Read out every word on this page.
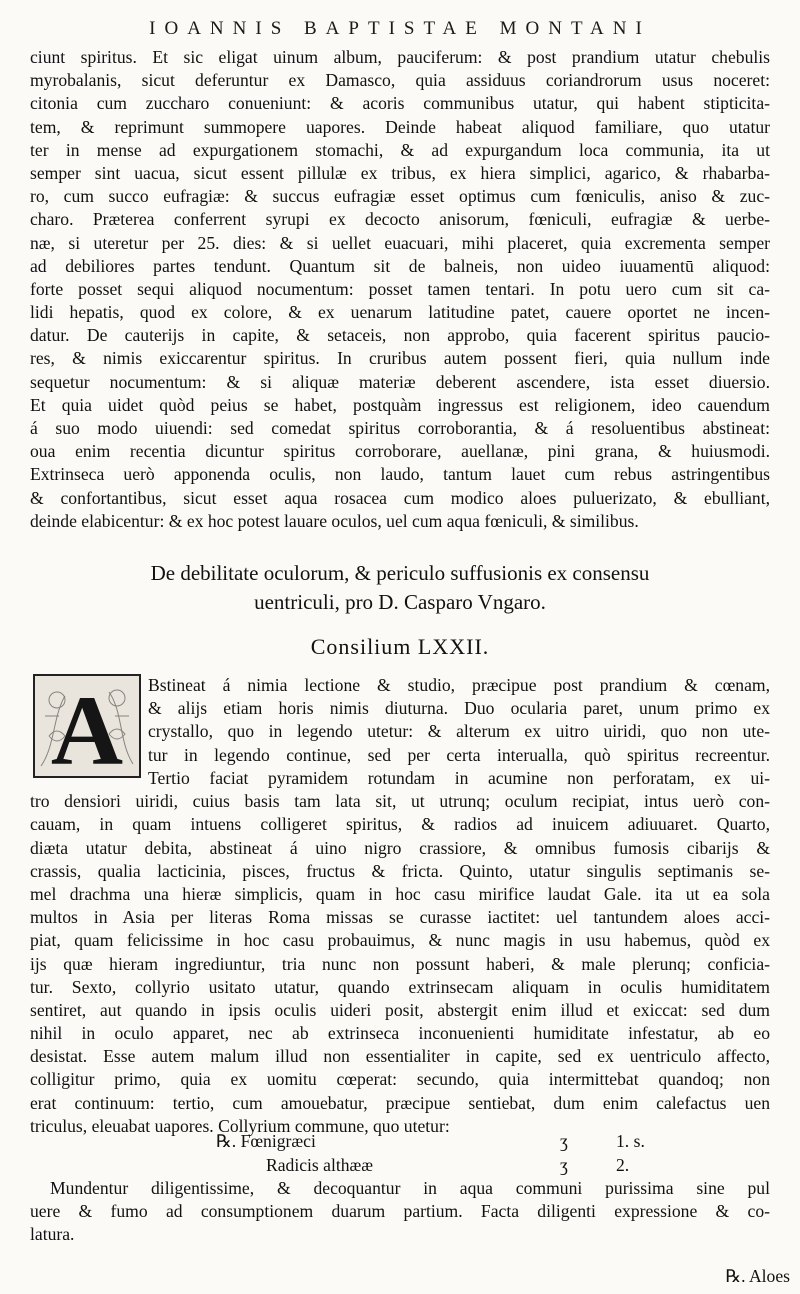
IOANNIS BAPTISTAE MONTANI
ciunt spiritus. Et sic eligat uinum album, pauciferum: & post prandium utatur chebulis
myrobalanis, sicut deferuntur ex Damasco, quia assiduus coriandrorum usus noceret:
citonia cum zuccharo conueniunt: & acoris communibus utatur, qui habent stipticita-
tem, & reprimunt summopere uapores. Deinde habeat aliquod familiare, quo utatur
ter in mense ad expurgationem stomachi, & ad expurgandum loca communia, ita ut
semper sint uacua, sicut essent pillulæ ex tribus, ex hiera simplici, agarico, & rhabarba-
ro, cum succo eufragiæ: & succus eufragiæ esset optimus cum fœniculis, aniso & zuc-
charo. Præterea conferrent syrupi ex decocto anisorum, fœniculi, eufragiæ & uerbe-
næ, si uteretur per 25. dies: & si uellet euacuari, mihi placeret, quia excrementa semper
ad debiliores partes tendunt. Quantum sit de balneis, non uideo iuuamentū aliquod:
forte posset sequi aliquod nocumentum: posset tamen tentari. In potu uero cum sit ca-
lidi hepatis, quod ex colore, & ex uenarum latitudine patet, cauere oportet ne incen-
datur. De cauterijs in capite, & setaceis, non approbo, quia facerent spiritus paucio-
res, & nimis exiccarentur spiritus. In cruribus autem possent fieri, quia nullum inde
sequetur nocumentum: & si aliquæ materiæ deberent ascendere, ista esset diuersio.
Et quia uidet quòd peius se habet, postquàm ingressus est religionem, ideo cauendum
á suo modo uiuendi: sed comedat spiritus corroborantia, & á resoluentibus abstineat:
oua enim recentia dicuntur spiritus corroborare, auellanæ, pini grana, & huiusmodi.
Extrinseca uerò apponenda oculis, non laudo, tantum lauet cum rebus astringentibus
& confortantibus, sicut esset aqua rosacea cum modico aloes puluerizato, & ebulliant,
deinde elabicentur: & ex hoc potest lauare oculos, uel cum aqua fœniculi, & similibus.
De debilitate oculorum, & periculo suffusionis ex consensu
uentriculi, pro D. Casparo Vngaro.
Consilium LXXII.
A Bstineat á nimia lectione & studio, præcipue post prandium & cœnam,
& alijs etiam horis nimis diuturna. Duo ocularia paret, unum primo ex
crystallo, quo in legendo utetur: & alterum ex uitro uiridi, quo non ute-
tur in legendo continue, sed per certa interualla, quò spiritus recreentur.
Tertio faciat pyramidem rotundam in acumine non perforatam, ex ui-
tro densiori uiridi, cuius basis tam lata sit, ut utrunq; oculum recipiat, intus uerò con-
cauam, in quam intuens colligeret spiritus, & radios ad inuicem adiuuaret. Quarto,
diæta utatur debita, abstineat á uino nigro crassiore, & omnibus fumosis cibarijs &
crassis, qualia lacticinia, pisces, fructus & fricta. Quinto, utatur singulis septimanis se-
mel drachma una hieræ simplicis, quam in hoc casu mirifice laudat Gale. ita ut ea sola
multos in Asia per literas Roma missas se curasse iactitet: uel tantundem aloes acci-
piat, quam felicissime in hoc casu probauimus, & nunc magis in usu habemus, quòd ex
ijs quæ hieram ingrediuntur, tria nunc non possunt haberi, & male plerunq; conficia-
tur. Sexto, collyrio usitato utatur, quando extrinsecam aliquam in oculis humiditatem
sentiret, aut quando in ipsis oculis uideri posit, abstergit enim illud et exiccat: sed dum
nihil in oculo apparet, nec ab extrinseca inconuenienti humiditate infestatur, ab eo
desistat. Esse autem malum illud non essentialiter in capite, sed ex uentriculo affecto,
colligitur primo, quia ex uomitu cœperat: secundo, quia intermittebat quandoq; non
erat continuum: tertio, cum amouebatur, præcipue sentiebat, dum enim calefactus uen
triculus, eleuabat uapores. Collyrium commune, quo utetur:
℞. Fœnigræci	ʒ	1. s.
Radicis althææ	ʒ	2.
Mundentur diligentissime, & decoquantur in aqua communi purissima sine pul
uere & fumo ad consumptionem duarum partium. Facta diligenti expressione & co-
latura.
℞. Aloes
